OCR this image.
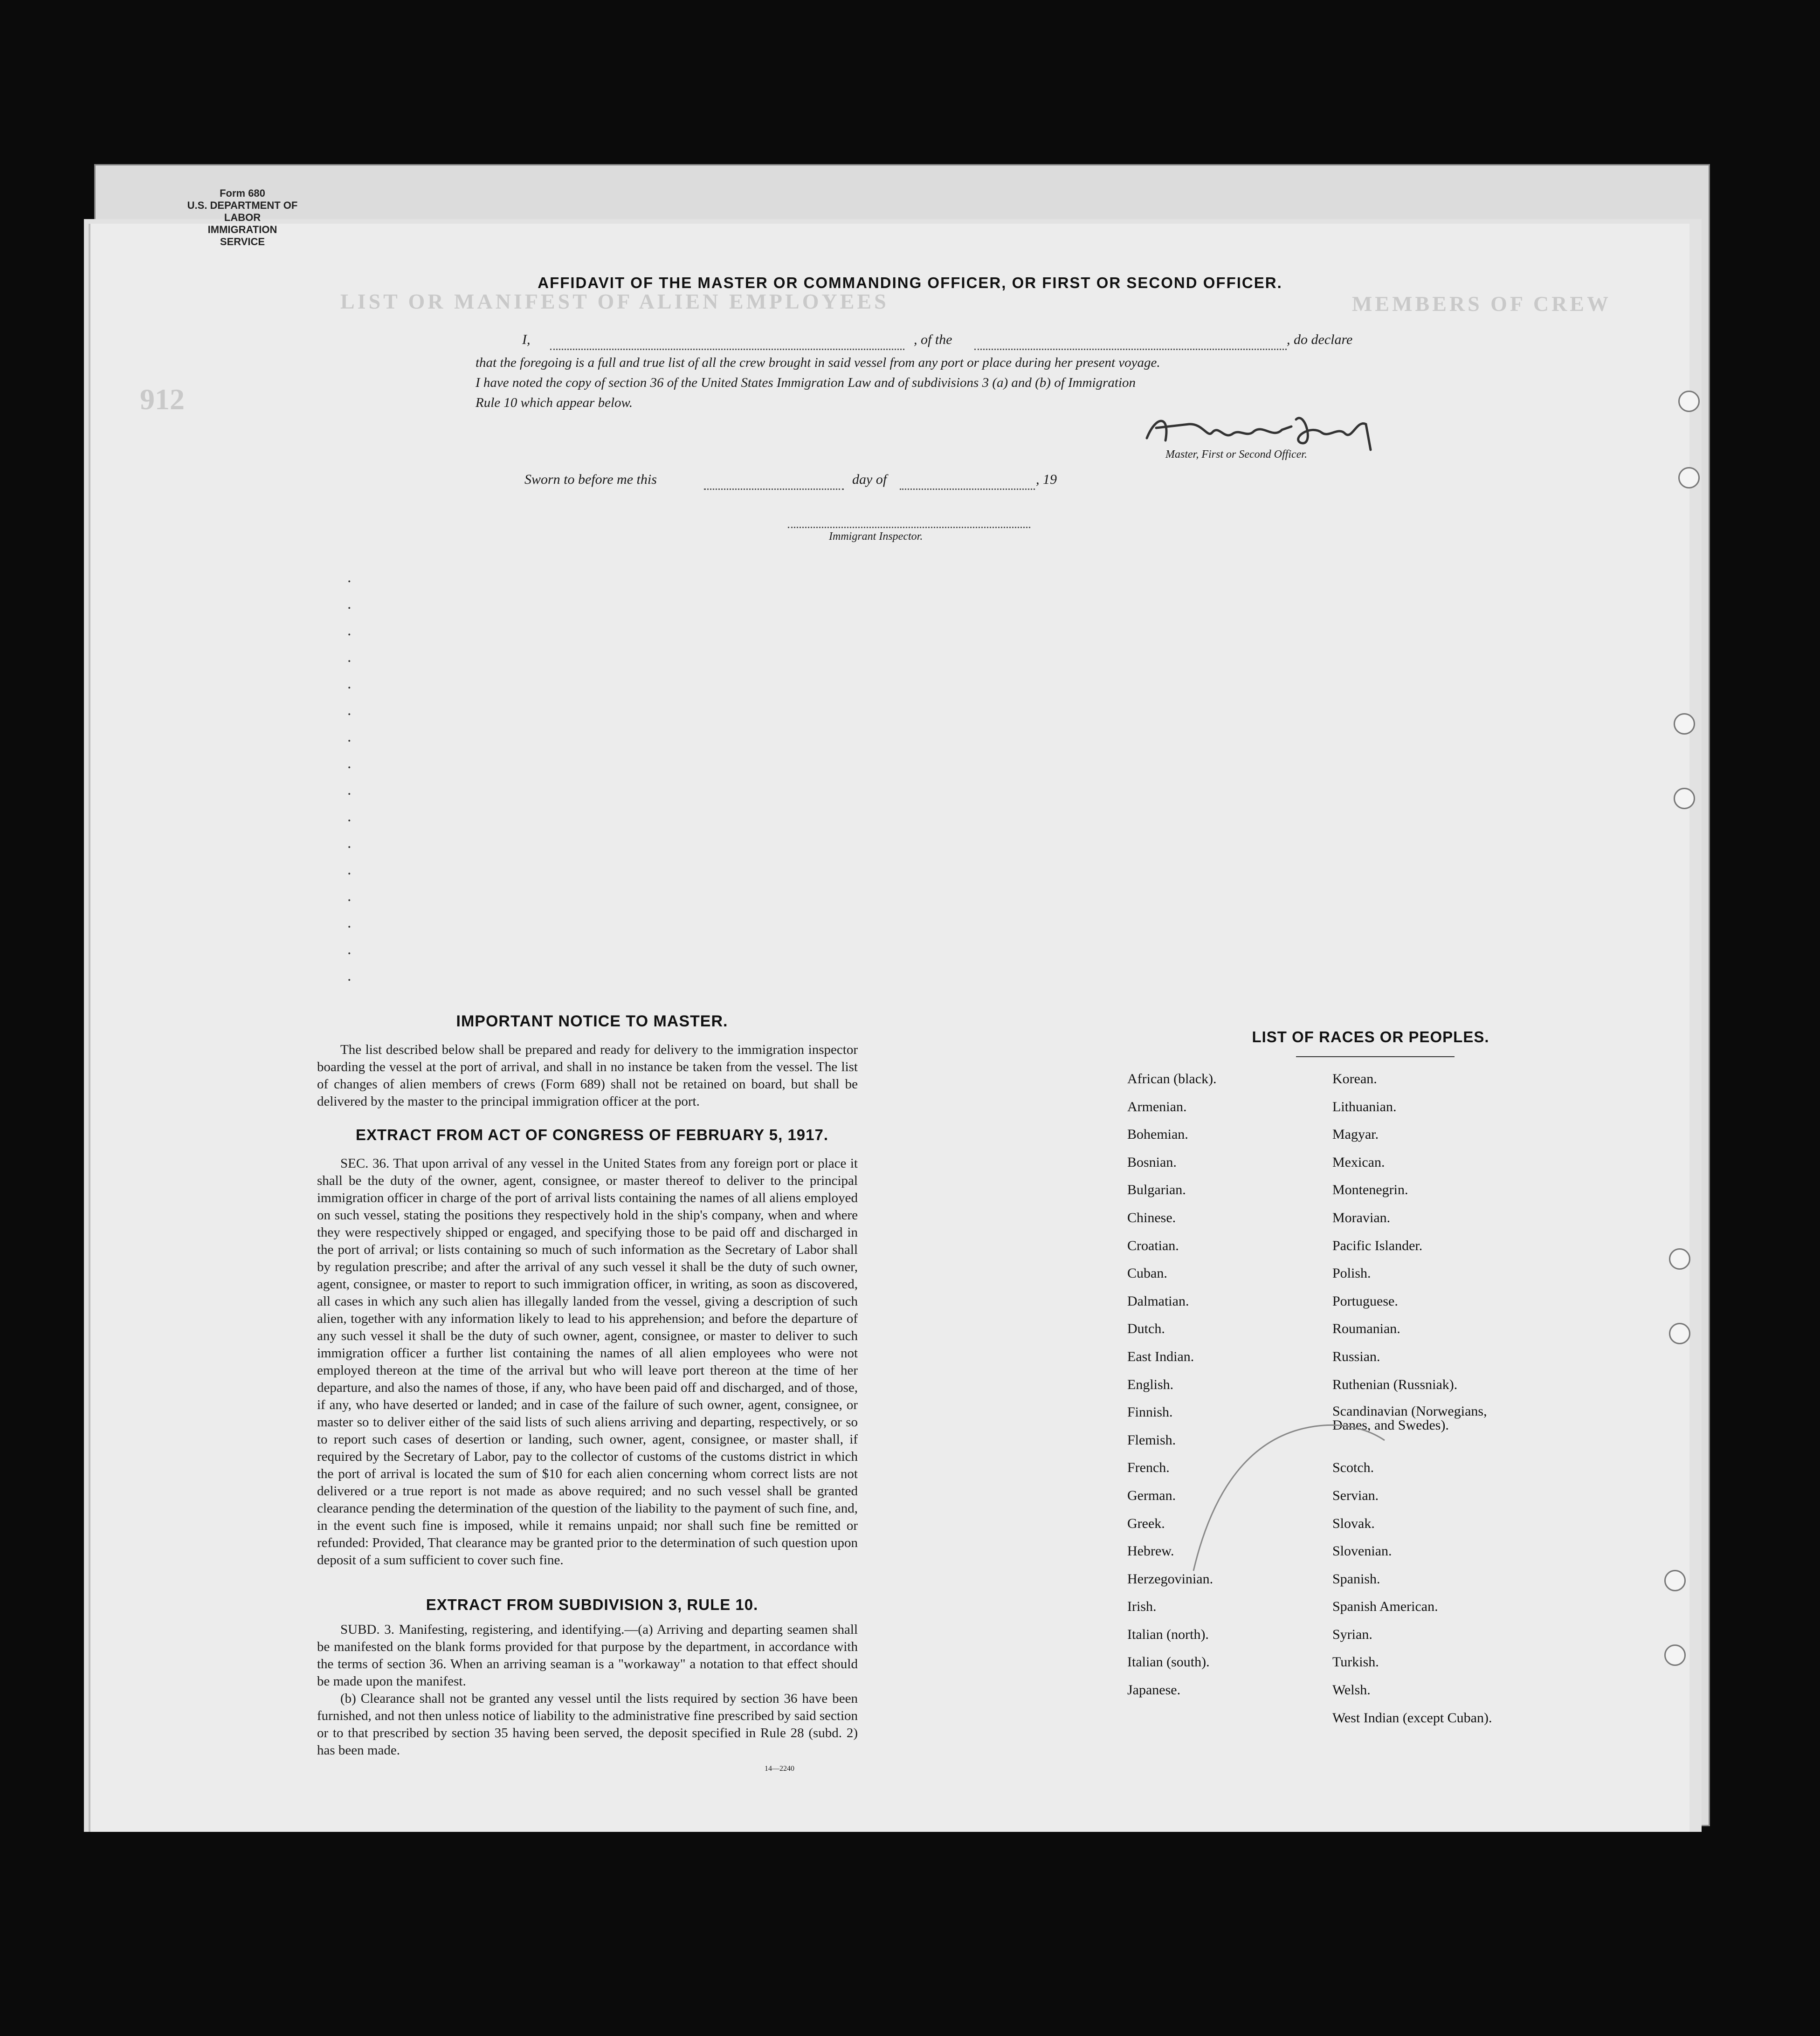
Form 680
U.S. DEPARTMENT OF LABOR
IMMIGRATION SERVICE
LIST OR MANIFEST OF ALIEN EMPLOYEES	MEMBERS OF CREW
912
AFFIDAVIT OF THE MASTER OR COMMANDING OFFICER, OR FIRST OR SECOND OFFICER.
I,	, of the	, do declare
that the foregoing is a full and true list of all the crew brought in said vessel from any port or place during her present voyage.
I have noted the copy of section 36 of the United States Immigration Law and of subdivisions 3 (a) and (b) of Immigration
Rule 10 which appear below.
Master, First or Second Officer.
Sworn to before me this	day of	, 19
Immigrant Inspector.
.
.
.
.
.
.
.
.
.
.
.
.
.
.
.
.
IMPORTANT NOTICE TO MASTER.

The list described below shall be prepared and ready for delivery to the immigration inspector boarding the vessel at the port of arrival, and shall in no instance be taken from the vessel. The list of changes of alien members of crews (Form 689) shall not be retained on board, but shall be delivered by the master to the principal immigration officer at the port.

EXTRACT FROM ACT OF CONGRESS OF FEBRUARY 5, 1917.

SEC. 36. That upon arrival of any vessel in the United States from any foreign port or place it shall be the duty of the owner, agent, consignee, or master thereof to deliver to the principal immigration officer in charge of the port of arrival lists containing the names of all aliens employed on such vessel, stating the positions they respectively hold in the ship's company, when and where they were respectively shipped or engaged, and specifying those to be paid off and discharged in the port of arrival; or lists containing so much of such information as the Secretary of Labor shall by regulation prescribe; and after the arrival of any such vessel it shall be the duty of such owner, agent, consignee, or master to report to such immigration officer, in writing, as soon as discovered, all cases in which any such alien has illegally landed from the vessel, giving a description of such alien, together with any information likely to lead to his apprehension; and before the departure of any such vessel it shall be the duty of such owner, agent, consignee, or master to deliver to such immigration officer a further list containing the names of all alien employees who were not employed thereon at the time of the arrival but who will leave port thereon at the time of her departure, and also the names of those, if any, who have been paid off and discharged, and of those, if any, who have deserted or landed; and in case of the failure of such owner, agent, consignee, or master so to deliver either of the said lists of such aliens arriving and departing, respectively, or so to report such cases of desertion or landing, such owner, agent, consignee, or master shall, if required by the Secretary of Labor, pay to the collector of customs of the customs district in which the port of arrival is located the sum of $10 for each alien concerning whom correct lists are not delivered or a true report is not made as above required; and no such vessel shall be granted clearance pending the determination of the question of the liability to the payment of such fine, and, in the event such fine is imposed, while it remains unpaid; nor shall such fine be remitted or refunded: Provided, That clearance may be granted prior to the determination of such question upon deposit of a sum sufficient to cover such fine.

EXTRACT FROM SUBDIVISION 3, RULE 10.

SUBD. 3. Manifesting, registering, and identifying.—(a) Arriving and departing seamen shall be manifested on the blank forms provided for that purpose by the department, in accordance with the terms of section 36. When an arriving seaman is a "workaway" a notation to that effect should be made upon the manifest.

(b) Clearance shall not be granted any vessel until the lists required by section 36 have been furnished, and not then unless notice of liability to the administrative fine prescribed by said section or to that prescribed by section 35 having been served, the deposit specified in Rule 28 (subd. 2) has been made.

14—2240
LIST OF RACES OR PEOPLES.
African (black).
Armenian.
Bohemian.
Bosnian.
Bulgarian.
Chinese.
Croatian.
Cuban.
Dalmatian.
Dutch.
East Indian.
English.
Finnish.
Flemish.
French.
German.
Greek.
Hebrew.
Herzegovinian.
Irish.
Italian (north).
Italian (south).
Japanese.
Korean.
Lithuanian.
Magyar.
Mexican.
Montenegrin.
Moravian.
Pacific Islander.
Polish.
Portuguese.
Roumanian.
Russian.
Ruthenian (Russniak).
Scandinavian (Norwegians, Danes, and Swedes).
Scotch.
Servian.
Slovak.
Slovenian.
Spanish.
Spanish American.
Syrian.
Turkish.
Welsh.
West Indian (except Cuban).
